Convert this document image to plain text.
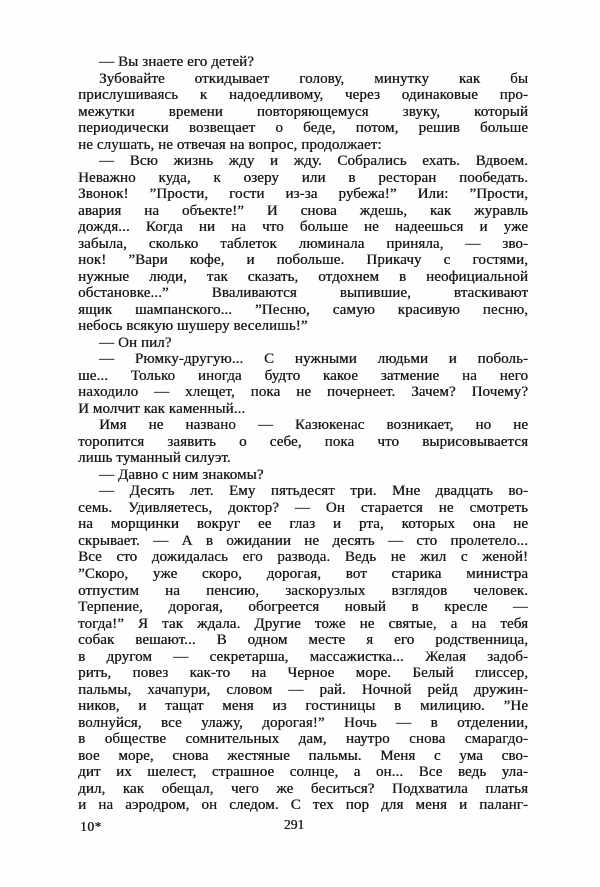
— Вы знаете его детей?
Зубовайте откидывает голову, минутку как бы
прислушиваясь к надоедливому, через одинаковые про-
межутки времени повторяющемуся звуку, который
периодически возвещает о беде, потом, решив больше
не слушать, не отвечая на вопрос, продолжает:
— Всю жизнь жду и жду. Собрались ехать. Вдвоем.
Неважно куда, к озеру или в ресторан пообедать.
Звонок! ”Прости, гости из-за рубежа!” Или: ”Прости,
авария на объекте!” И снова ждешь, как журавль
дождя... Когда ни на что больше не надеешься и уже
забыла, сколько таблеток люминала приняла, — зво-
нок! ”Вари кофе, и побольше. Прикачу с гостями,
нужные люди, так сказать, отдохнем в неофициальной
обстановке...” Вваливаются выпившие, втаскивают
ящик шампанского... ”Песню, самую красивую песню,
небось всякую шушеру веселишь!”
— Он пил?
— Рюмку-другую... С нужными людьми и поболь-
ше... Только иногда будто какое затмение на него
находило — хлещет, пока не почернеет. Зачем? Почему?
И молчит как каменный...
Имя не названо — Казюкенас возникает, но не
торопится заявить о себе, пока что вырисовывается
лишь туманный силуэт.
— Давно с ним знакомы?
— Десять лет. Ему пятьдесят три. Мне двадцать во-
семь. Удивляетесь, доктор? — Он старается не смотреть
на морщинки вокруг ее глаз и рта, которых она не
скрывает. — А в ожидании не десять — сто пролетело...
Все сто дожидалась его развода. Ведь не жил с женой!
”Скоро, уже скоро, дорогая, вот старика министра
отпустим на пенсию, заскорузлых взглядов человек.
Терпение, дорогая, обогреется новый в кресле —
тогда!” Я так ждала. Другие тоже не святые, а на тебя
собак вешают... В одном месте я его родственница,
в другом — секретарша, массажистка... Желая задоб-
рить, повез как-то на Черное море. Белый глиссер,
пальмы, хачапури, словом — рай. Ночной рейд дружин-
ников, и тащат меня из гостиницы в милицию. ”Не
волнуйся, все улажу, дорогая!” Ночь — в отделении,
в обществе сомнительных дам, наутро снова смарагдо-
вое море, снова жестяные пальмы. Меня с ума сво-
дит их шелест, страшное солнце, а он... Все ведь ула-
дил, как обещал, чего же беситься? Подхватила платья
и на аэродром, он следом. С тех пор для меня и паланг-
10*	291
